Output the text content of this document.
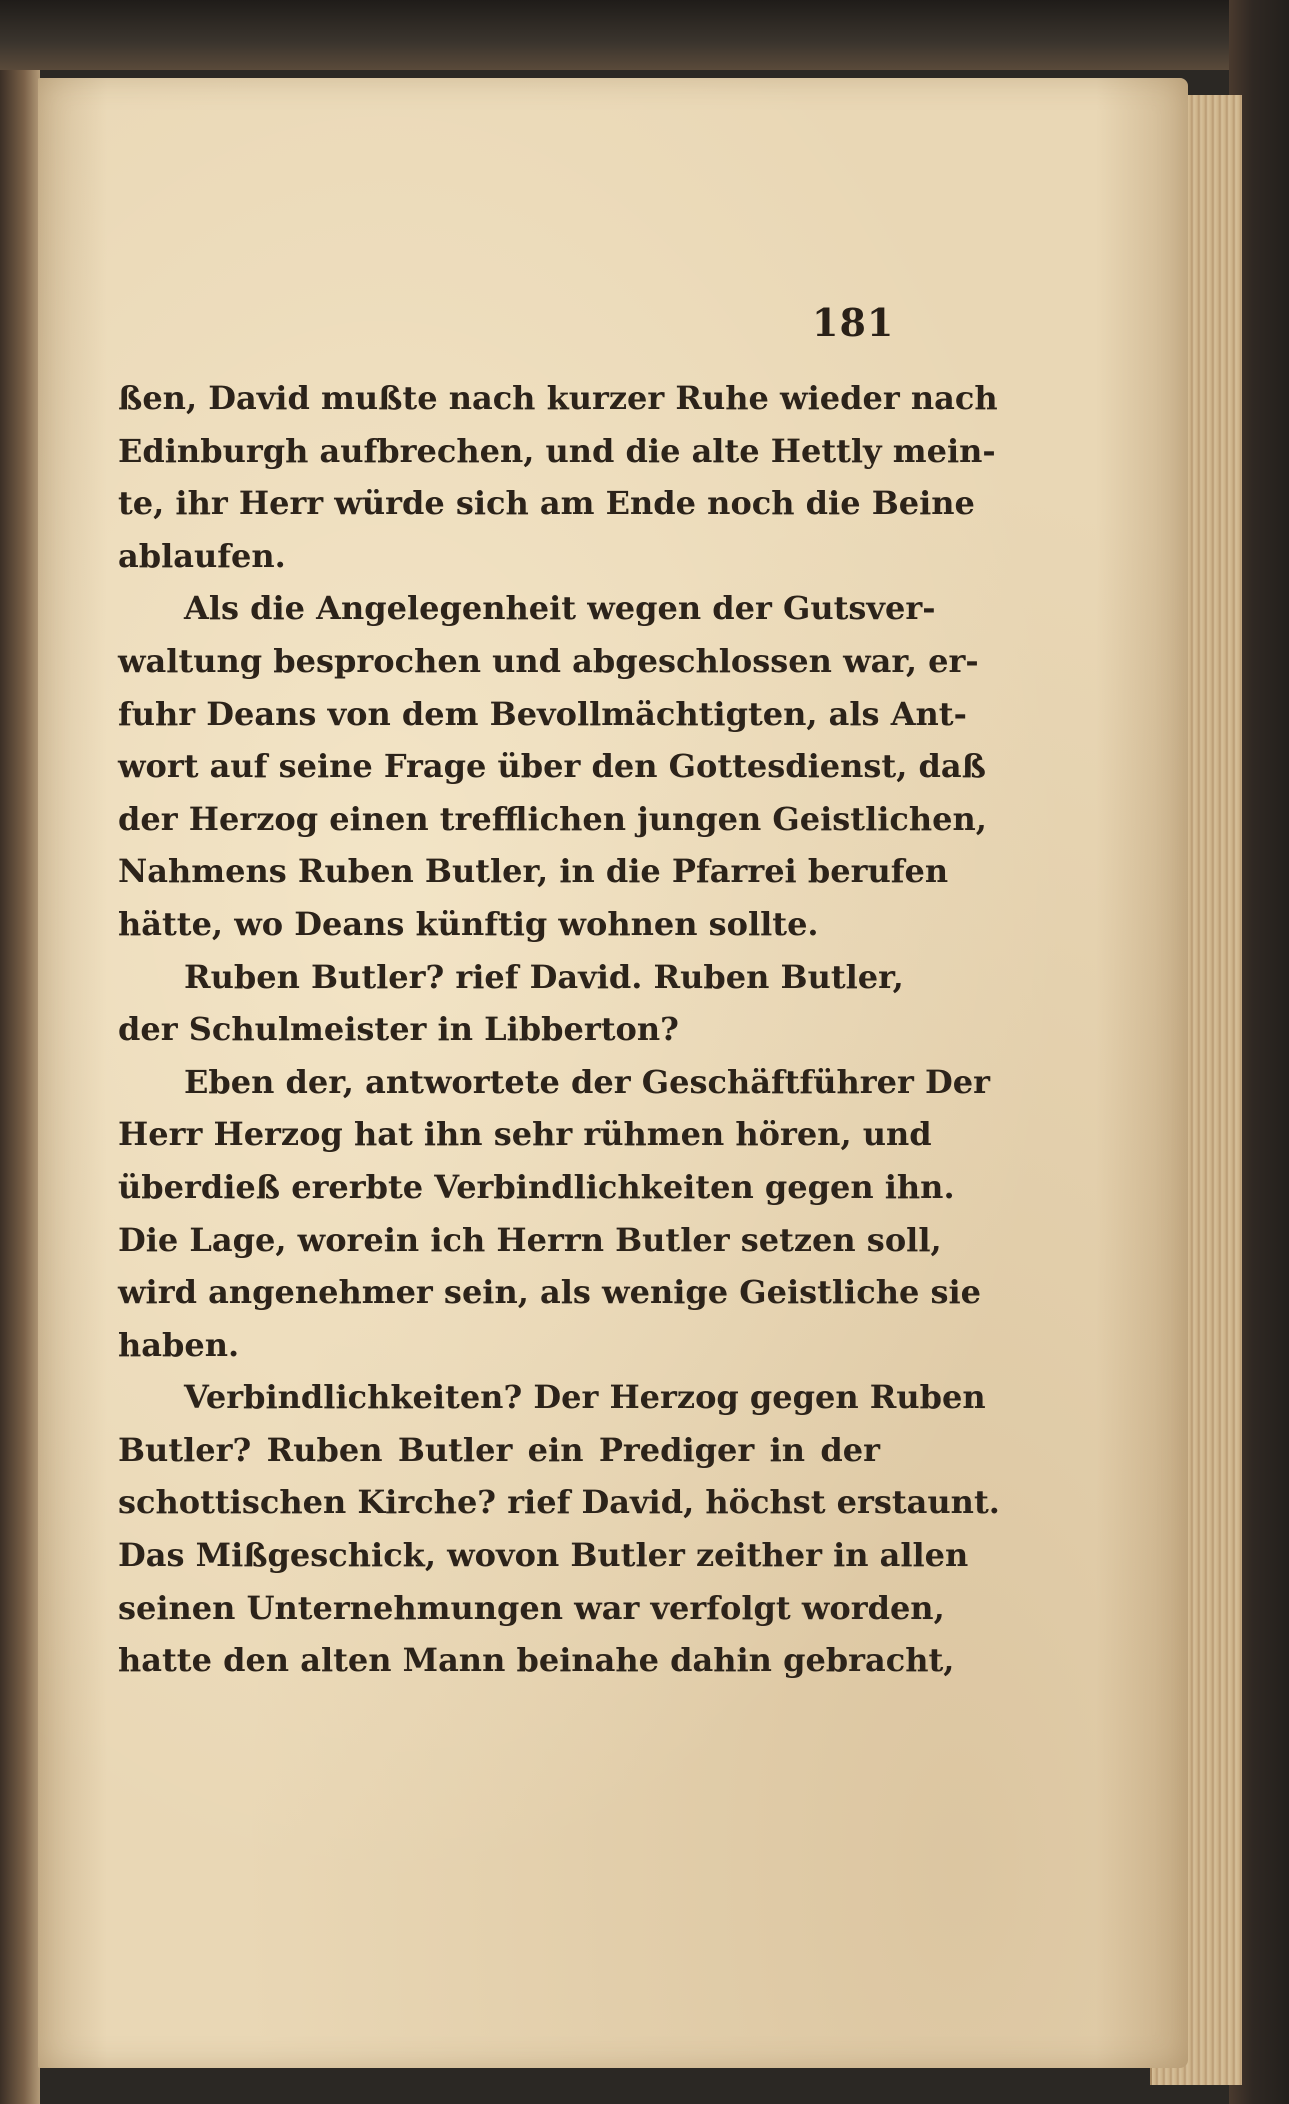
181
ßen, David mußte nach kurzer Ruhe wieder nach
Edinburgh aufbrechen, und die alte Hettly mein-
te, ihr Herr würde sich am Ende noch die Beine
ablaufen.
Als die Angelegenheit wegen der Gutsver-
waltung besprochen und abgeschlossen war, er-
fuhr Deans von dem Bevollmächtigten, als Ant-
wort auf seine Frage über den Gottesdienst, daß
der Herzog einen trefflichen jungen Geistlichen,
Nahmens Ruben Butler, in die Pfarrei berufen
hätte, wo Deans künftig wohnen sollte.
Ruben Butler? rief David. Ruben Butler,
der Schulmeister in Libberton?
Eben der, antwortete der Geschäftführer Der
Herr Herzog hat ihn sehr rühmen hören, und
überdieß ererbte Verbindlichkeiten gegen ihn.
Die Lage, worein ich Herrn Butler setzen soll,
wird angenehmer sein, als wenige Geistliche sie
haben.
Verbindlichkeiten? Der Herzog gegen Ruben
Butler? Ruben Butler ein Prediger in der
schottischen Kirche? rief David, höchst erstaunt.
Das Mißgeschick, wovon Butler zeither in allen
seinen Unternehmungen war verfolgt worden,
hatte den alten Mann beinahe dahin gebracht,
